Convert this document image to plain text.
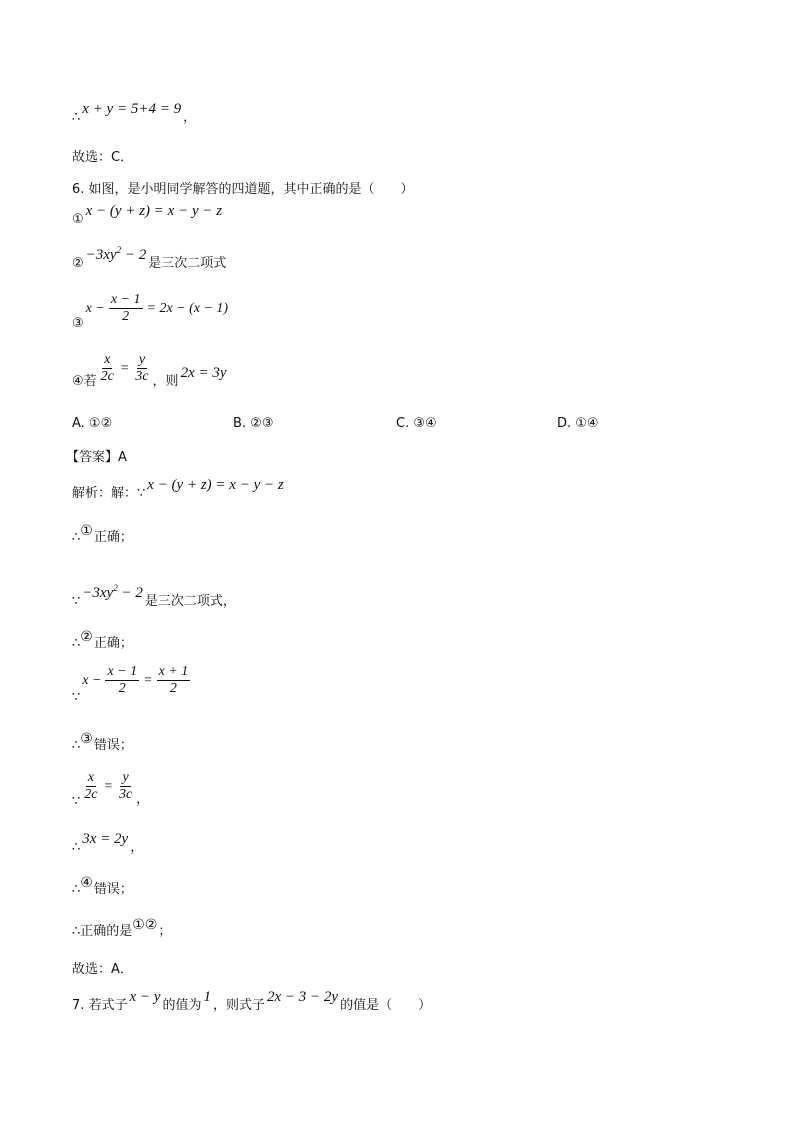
∴
x + y = 5+4 = 9
，
故选：C．
6. 如图，是小明同学解答的四道题，其中正确的是（　　）
①
x − (y + z) = x − y − z
②
$-3xy^2 - 2$
是三次二项式
③
$x - \frac{x - 1}{2} = 2x - (x - 1)$
④若 $\frac{x}{2c} = \frac{y}{3c}$ ，则
2x = 3y
A. ①②	B. ②③	C. ③④	D. ①④
【答案】A
解析：解：∵
x − (y + z) = x − y − z
∴ ① 正确；
∵
$-3xy^2 - 2$
是三次二项式，
∴ ② 正确；
∵
$x - \frac{x - 1}{2} = \frac{x + 1}{2}$
∴ ③ 错误；
∵ $\frac{x}{2c} = \frac{y}{3c}$ ，
∴
3x = 2y
，
∴ ④ 错误；
∴正确的是 ①② ；
故选：A．
7. 若式子
x − y
的值为
1
，则式子
2x − 3 − 2y
的值是（　　）
